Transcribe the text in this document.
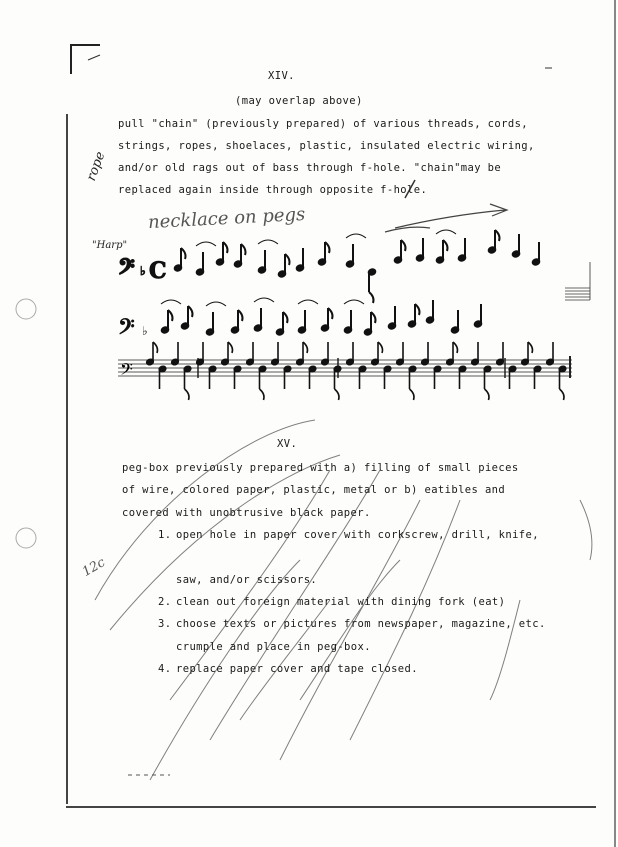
𝄢 ♭ C
𝄢 ♭
𝄢
XIV.
(may overlap above)
pull "chain" (previously prepared) of various threads, cords,
strings, ropes, shoelaces, plastic, insulated electric wiring,
and/or old rags out of bass through f-hole. "chain"may be
replaced again inside through opposite f-hole.
rope
necklace on pegs
"Harp"
12c
XV.
peg-box previously prepared with a) filling of small pieces
of wire, colored paper, plastic, metal or b) eatibles and
covered with unobtrusive black paper.
1. open hole in paper cover with corkscrew, drill, knife,
saw, and/or scissors.
2. clean out foreign material with dining fork (eat)
3. choose texts or pictures from newspaper, magazine, etc.
crumple and place in peg-box.
4. replace paper cover and tape closed.
